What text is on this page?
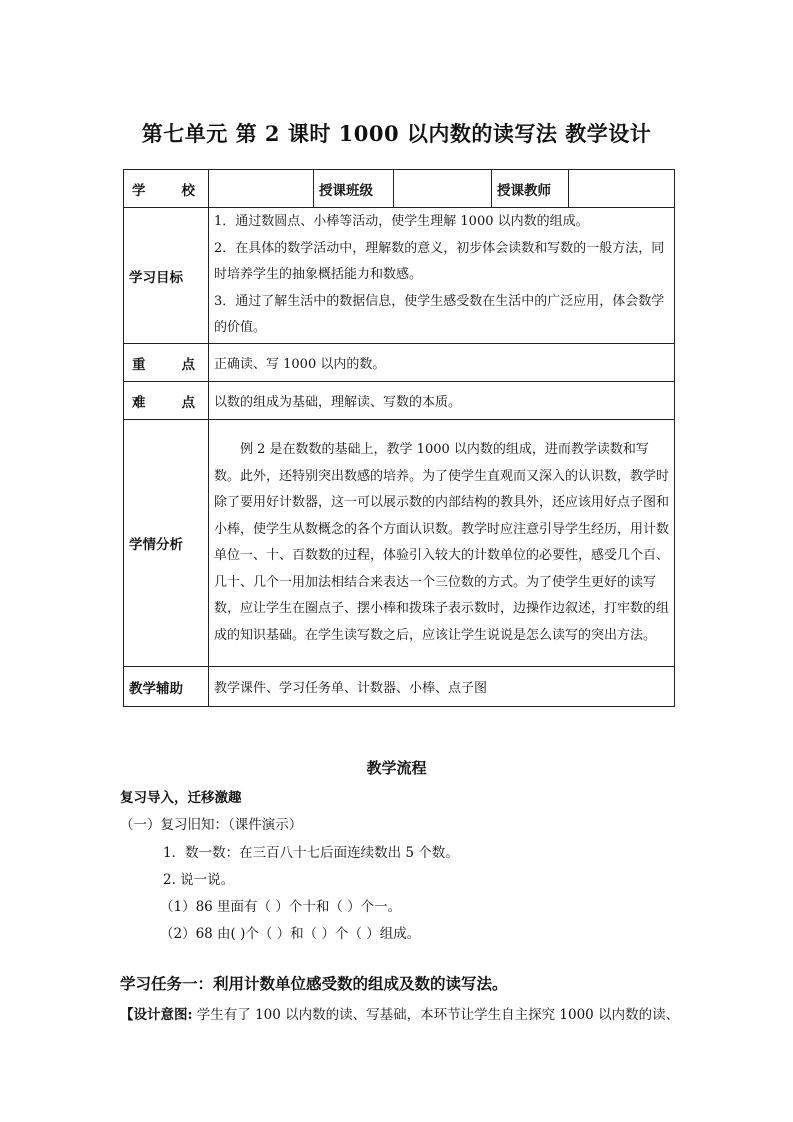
第七单元 第 2 课时 1000 以内数的读写法 教学设计
学 校		授课班级		授课教师	
学习目标	1．通过数圆点、小棒等活动，使学生理解 1000 以内数的组成。
2．在具体的数学活动中，理解数的意义，初步体会读数和写数的一般方法，同时培养学生的抽象概括能力和数感。
3．通过了解生活中的数据信息，使学生感受数在生活中的广泛应用，体会数学的价值。				

重 点	正确读、写 1000 以内的数。				

难 点	以数的组成为基础，理解读、写数的本质。				
学情分析	例 2 是在数数的基础上，教学 1000 以内数的组成，进而教学读数和写数。此外，还特别突出数感的培养。为了使学生直观而又深入的认识数，教学时除了要用好计数器，这一可以展示数的内部结构的教具外，还应该用好点子图和小棒，使学生从数概念的各个方面认识数。教学时应注意引导学生经历，用计数单位一、十、百数数的过程，体验引入较大的计数单位的必要性，感受几个百、几十、几个一用加法相结合来表达一个三位数的方式。为了使学生更好的读写数，应让学生在圈点子、摆小棒和拨珠子表示数时，边操作边叙述，打牢数的组成的知识基础。在学生读写数之后，应该让学生说说是怎么读写的突出方法。				

教学辅助	教学课件、学习任务单、计数器、小棒、点子图				
教学流程
复习导入，迁移激趣
（一）复习旧知：（课件演示）
1．数一数：在三百八十七后面连续数出 5 个数。
2. 说一说。
（1）86 里面有（ ）个十和（ ）个一。
（2）68 由( )个（ ）和（ ）个（ ）组成。
学习任务一：利用计数单位感受数的组成及数的读写法。
【设计意图: 学生有了 100 以内数的读、写基础，本环节让学生自主探究 1000 以内数的读、
